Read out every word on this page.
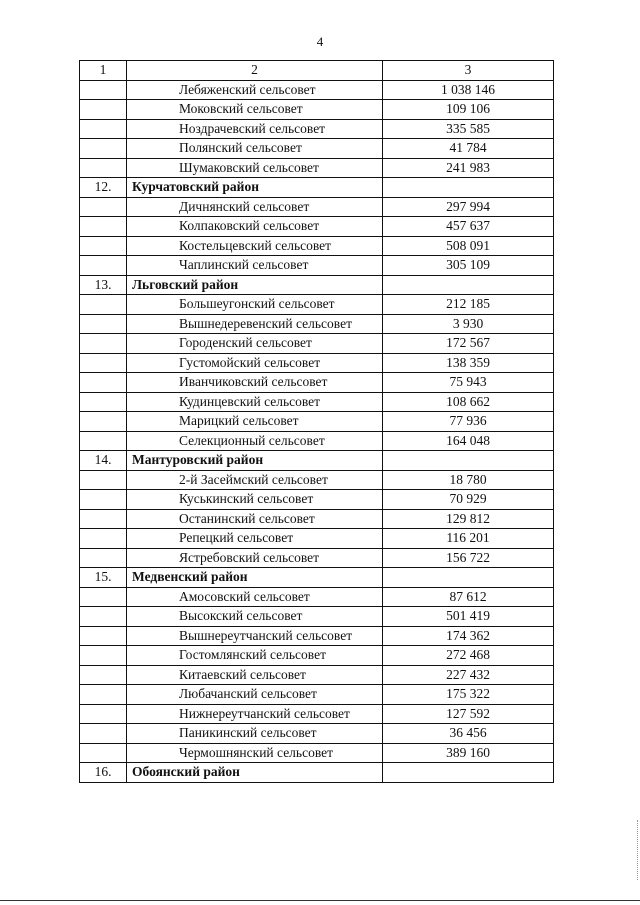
4
1	2	3
	Лебяженский сельсовет	1 038 146
	Моковский сельсовет	109 106
	Ноздрачевский сельсовет	335 585
	Полянский сельсовет	41 784
	Шумаковский сельсовет	241 983
12.	Курчатовский район	
	Дичнянский сельсовет	297 994
	Колпаковский сельсовет	457 637
	Костельцевский сельсовет	508 091
	Чаплинский сельсовет	305 109
13.	Льговский район	
	Большеугонский сельсовет	212 185
	Вышнедеревенский сельсовет	3 930
	Городенский сельсовет	172 567
	Густомойский сельсовет	138 359
	Иванчиковский сельсовет	75 943
	Кудинцевский сельсовет	108 662
	Марицкий сельсовет	77 936
	Селекционный сельсовет	164 048
14.	Мантуровский район	
	2-й Засеймский сельсовет	18 780
	Куськинский сельсовет	70 929
	Останинский сельсовет	129 812
	Репецкий сельсовет	116 201
	Ястребовский сельсовет	156 722
15.	Медвенский район	
	Амосовский сельсовет	87 612
	Высокский сельсовет	501 419
	Вышнереутчанский сельсовет	174 362
	Гостомлянский сельсовет	272 468
	Китаевский сельсовет	227 432
	Любачанский сельсовет	175 322
	Нижнереутчанский сельсовет	127 592
	Паникинский сельсовет	36 456
	Чермошнянский сельсовет	389 160
16.	Обоянский район	
